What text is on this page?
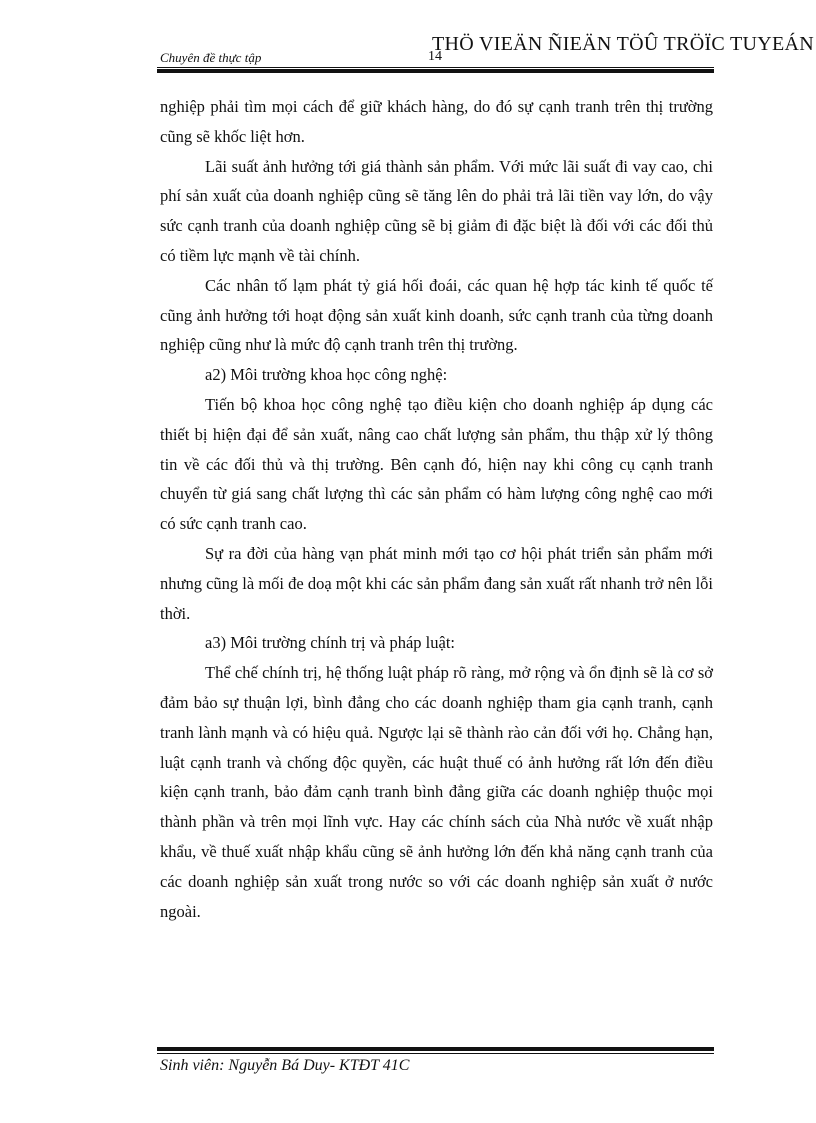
Chuyên đề thực tập	14
THÖ VIEÄN ÑIEÄN TÖÛ TRÖÏC TUYEÁN

nghiệp phải tìm mọi cách để giữ khách hàng, do đó sự cạnh tranh trên thị trường cũng sẽ khốc liệt hơn.

Lãi suất ảnh hưởng tới giá thành sản phẩm. Với mức lãi suất đi vay cao, chi phí sản xuất của doanh nghiệp cũng sẽ tăng lên do phải trả lãi tiền vay lớn, do vậy sức cạnh tranh của doanh nghiệp cũng sẽ bị giảm đi đặc biệt là đối với các đối thủ có tiềm lực mạnh về tài chính.

Các nhân tố lạm phát tỷ giá hối đoái, các quan hệ hợp tác kinh tế quốc tế cũng ảnh hưởng tới hoạt động sản xuất kinh doanh, sức cạnh tranh của từng doanh nghiệp cũng như là mức độ cạnh tranh trên thị trường.

a2) Môi trường khoa học công nghệ:

Tiến bộ khoa học công nghệ tạo điều kiện cho doanh nghiệp áp dụng các thiết bị hiện đại để sản xuất, nâng cao chất lượng sản phẩm, thu thập xử lý thông tin về các đối thủ và thị trường. Bên cạnh đó, hiện nay khi công cụ cạnh tranh chuyển từ giá sang chất lượng thì các sản phẩm có hàm lượng công nghệ cao mới có sức cạnh tranh cao.

Sự ra đời của hàng vạn phát minh mới tạo cơ hội phát triển sản phẩm mới nhưng cũng là mối đe doạ một khi các sản phẩm đang sản xuất rất nhanh trở nên lỗi thời.

a3) Môi trường chính trị và pháp luật:

Thể chế chính trị, hệ thống luật pháp rõ ràng, mở rộng và ổn định sẽ là cơ sở đảm bảo sự thuận lợi, bình đẳng cho các doanh nghiệp tham gia cạnh tranh, cạnh tranh lành mạnh và có hiệu quả. Ngược lại sẽ thành rào cản đối với họ. Chẳng hạn, luật cạnh tranh và chống độc quyền, các huật thuế có ảnh hưởng rất lớn đến điều kiện cạnh tranh, bảo đảm cạnh tranh bình đẳng giữa các doanh nghiệp thuộc mọi thành phần và trên mọi lĩnh vực. Hay các chính sách của Nhà nước về xuất nhập khẩu, về thuế xuất nhập khẩu cũng sẽ ảnh hưởng lớn đến khả năng cạnh tranh của các doanh nghiệp sản xuất trong nước so với các doanh nghiệp sản xuất ở nước ngoài.

Sinh viên: Nguyễn Bá Duy- KTĐT 41C
